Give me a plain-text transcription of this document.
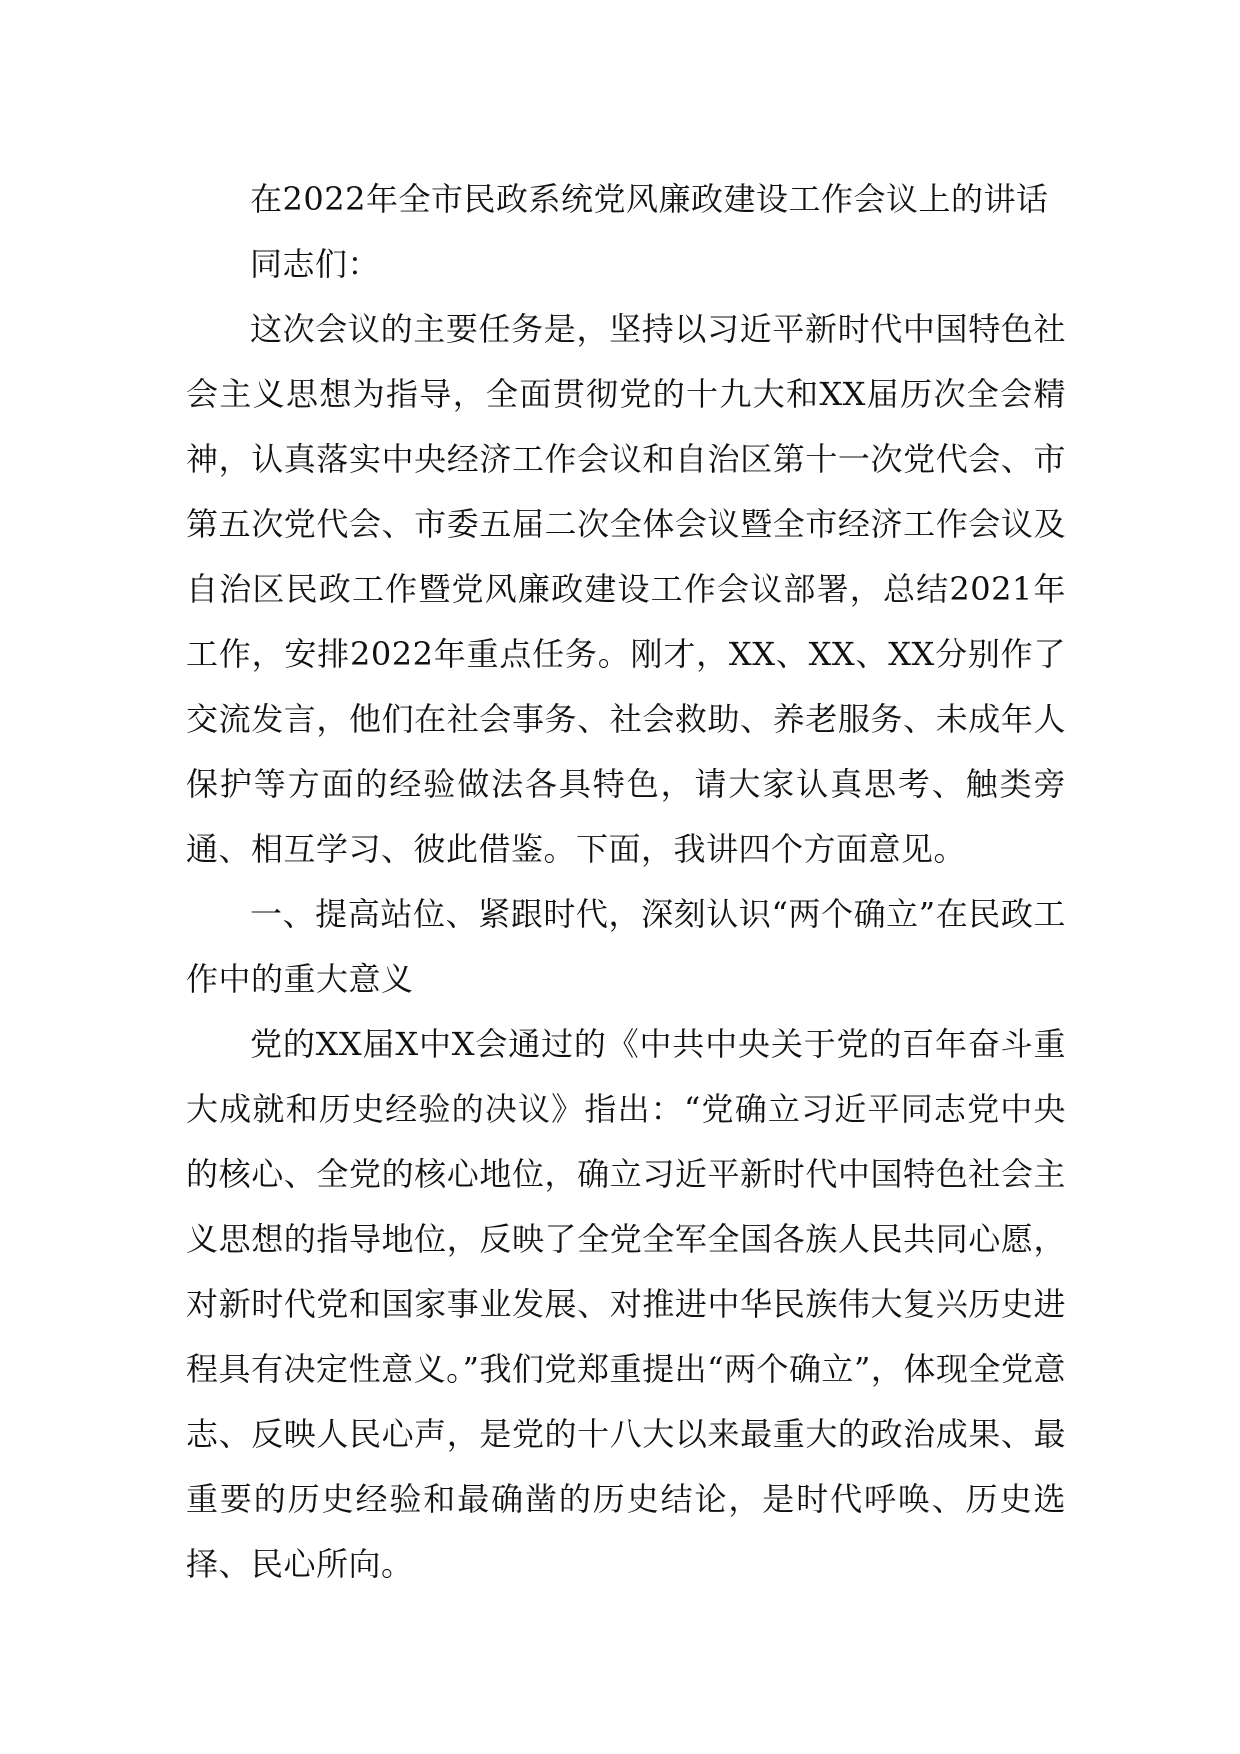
在2022年全市民政系统党风廉政建设工作会议上的讲话

同志们：

这次会议的主要任务是，坚持以习近平新时代中国特色社会主义思想为指导，全面贯彻党的十九大和XX届历次全会精神，认真落实中央经济工作会议和自治区第十一次党代会、市第五次党代会、市委五届二次全体会议暨全市经济工作会议及自治区民政工作暨党风廉政建设工作会议部署，总结2021年工作，安排2022年重点任务。刚才，XX、XX、XX分别作了交流发言，他们在社会事务、社会救助、养老服务、未成年人保护等方面的经验做法各具特色，请大家认真思考、触类旁通、相互学习、彼此借鉴。下面，我讲四个方面意见。

一、提高站位、紧跟时代，深刻认识“两个确立”在民政工作中的重大意义

党的XX届X中X会通过的《中共中央关于党的百年奋斗重大成就和历史经验的决议》指出：“党确立习近平同志党中央的核心、全党的核心地位，确立习近平新时代中国特色社会主义思想的指导地位，反映了全党全军全国各族人民共同心愿，对新时代党和国家事业发展、对推进中华民族伟大复兴历史进程具有决定性意义。”我们党郑重提出“两个确立”，体现全党意志、反映人民心声，是党的十八大以来最重大的政治成果、最重要的历史经验和最确凿的历史结论，是时代呼唤、历史选择、民心所向。
